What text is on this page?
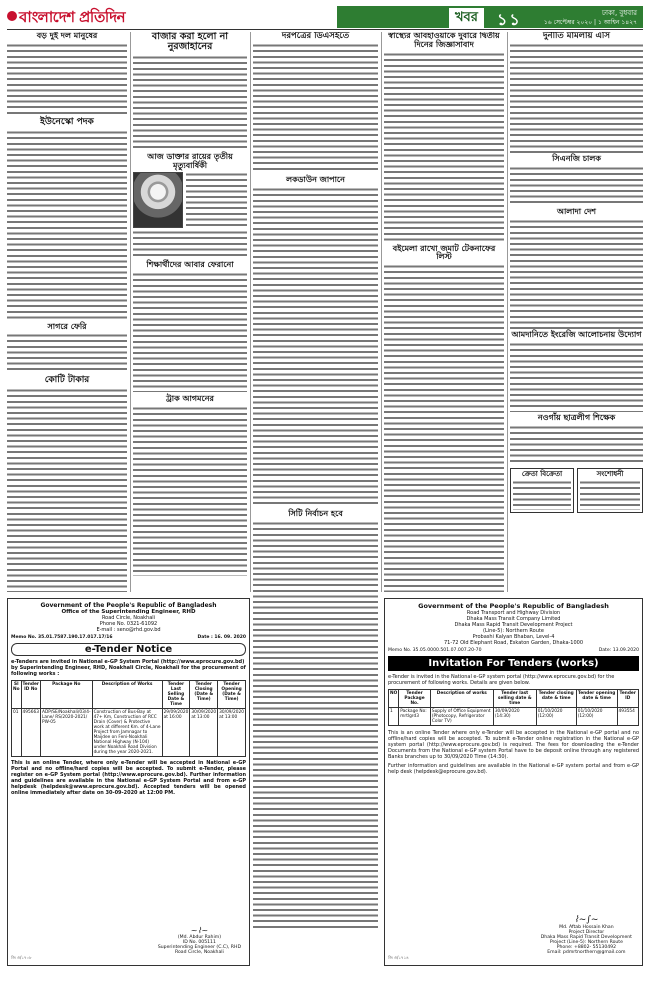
বাংলাদেশ প্রতিদিন	খবর	১১	ঢাকা, বুধবার
১৬ সেপ্টেম্বর ২০২০ | ১ আশ্বিন ১৪২৭
বড় দুই দল মানুষের
ইউনেস্কো পদক
সাগরে ফেরি
কোটি টাকার
বাজার করা হলো না নুরজাহানের
আজ ডাক্তার রায়ের তৃতীয় মৃত্যুবার্ষিকী
শিক্ষার্থীদের আবার ফেরানো
ট্রাক আগমনের
দরপত্রের ডিএসইতে
লকডাউন জাপানে
সিটি নির্বাচন হবে
স্বাস্থ্যের আবহাওয়াকে দুবারে দ্বিতীয় দিনের জিজ্ঞাসাবাদ
বইমেলা রাখো জমাট টেকনাফের লিস্ট
দুর্নীতি মামলায় এসি
সিএনজি চালক
আলাদা দেশ
আমদানিতে ইংরেজি আলোচনায় উদ্যোগ
নওগাঁয় ছাত্রলীগ শিক্ষেক
ক্রেতা বিক্রেতা	সংশোধনী
Government of the People's Republic of Bangladesh
Office of the Superintending Engineer, RHD
Road Circle, Noakhali
Phone No. 0321-61092
E-mail : seno@rhd.gov.bd
Memo No. 35.01.7587.190.17.017.17/16	Date : 16. 09. 2020
e-Tender Notice
e-Tenders are invited in National e-GP System Portal (http://www.eprocure.gov.bd) by Superintending Engineer, RHD, Noakhali Circle, Noakhali for the procurement of following works :
Sl No	Tender ID No	Package No	Description of Works	Tender Last Selling Date & Time	Tender Closing (Date & Time)	Tender Opening (Date & Time)
01	495663	ADP/SE/Noakhali/03/4-Lane/ RS/2020-2021/ PW-05	Construction of Bus-Bay at 47+ Km, Construction of RCC Drain (Cover) & Protective work at different Km. of 4-Lane Project from Jamnagar to Maijdee on Feni-Noakhali National Highway (N-104) under Noakhali Road Division during the year 2020-2021.	29/09/2020 at 16:00	30/09/2020 at 13:00	30/09/2020 at 13:00
This is an online Tender, where only e-Tender will be accepted in National e-GP Portal and no offline/hard copies will be accepted. To submit e-Tender, please register on e-GP System portal (http://www.eprocure.gov.bd). Further information and guidelines are available in the National e-GP System Portal and from e-GP helpdesk (helpdesk@www.eprocure.gov.bd). Accepted tenders will be opened online immediately after date on 30-09-2020 at 12:00 PM.
~⌇~
(Md. Abdur Rahim)
ID No. 005111
Superintending Engineer (C.C), RHD
Road Circle, Noakhali
জি ও/১৭০৮
Government of the People's Republic of Bangladesh
Road Transport and Highway Division
Dhaka Mass Transit Company Limited
Dhaka Mass Rapid Transit Development Project
(Line-5): Northern Route
Probashi Kalyan Bhaban, Level-4
71-72 Old Elephant Road, Eskaton Garden, Dhaka-1000
Memo No. 35.05.0000.501.07.007.20-70	Date: 13.09.2020
Invitation For Tenders (works)
e-Tender is invited in the National e-GP system portal (http://www.eprocure.gov.bd) for the procurement of following works. Details are given below.
NO	Tender Package No.	Description of works	Tender last selling date & time	Tender closing date & time	Tender opening date & time	Tender ID
1	Package No: mrtlgrd3	Supply of Office Equipment (Photocopy, Refrigerator Color TV)	30/09/2020 (14:30)	01/10/2020 (12:00)	01/10/2020 (12:00)	493554
This is an online Tender where only e-Tender will be accepted in the National e-GP portal and no offline/hard copies will be accepted. To submit e-Tender online registration in the National e-GP system portal (http://www.eprocure.gov.bd) is required. The fees for downloading the e-Tender Documents from the National e-GP system Portal have to be deposit online through any registered Banks branches up to 30/09/2020 Time (14:30).
Further information and guidelines are available in the National e-GP system portal and from e-GP help desk (helpdesk@eprocure.gov.bd).
⌇~∫~
Md. Aftab Hossain Khan
Project Director
Dhaka Mass Rapid Transit Development
Project (Line-5): Northern Route
Phone: +8802- 55130492
Email: pdmrtnorthern@gmail.com
জি ও/১৭১৪
